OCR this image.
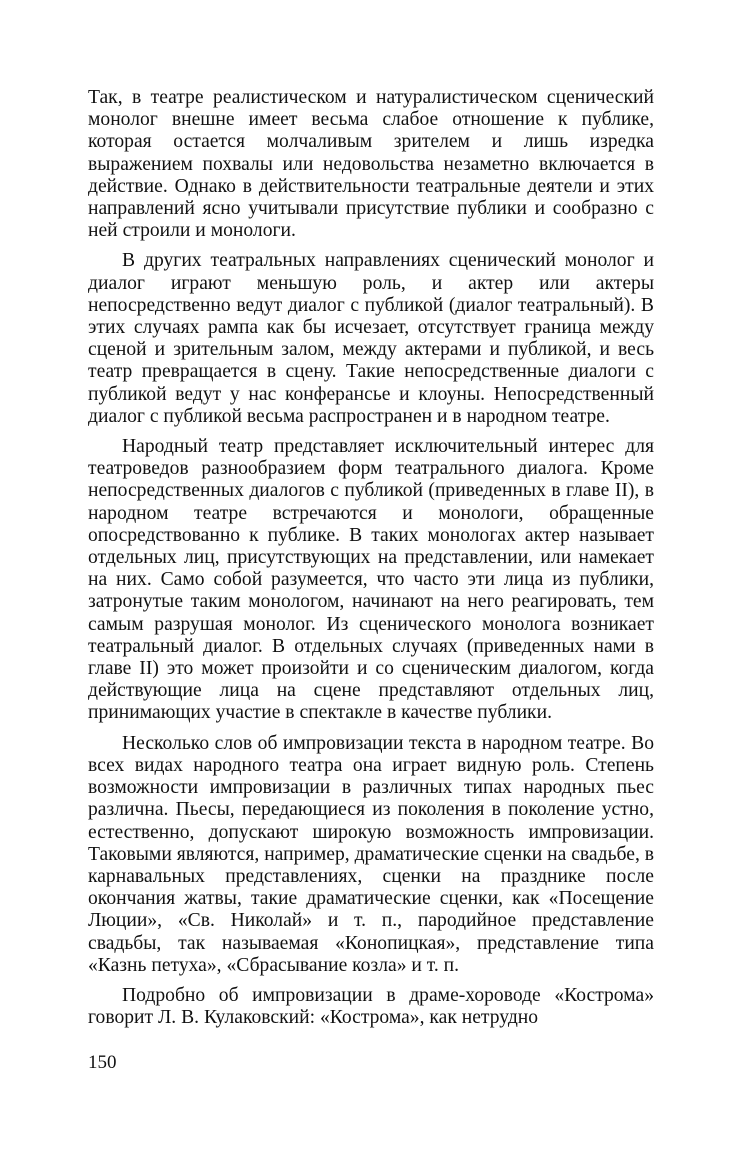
Так, в театре реалистическом и натуралистическом сценический монолог внешне имеет весьма слабое отношение к публике, которая остается молчаливым зрителем и лишь изредка выражением похвалы или недовольства незаметно включается в действие. Однако в действительности театральные деятели и этих направлений ясно учитывали присутствие публики и сообразно с ней строили и монологи.

В других театральных направлениях сценический монолог и диалог играют меньшую роль, и актер или актеры непосредственно ведут диалог с публикой (диалог театральный). В этих случаях рампа как бы исчезает, отсутствует граница между сценой и зрительным залом, между актерами и публикой, и весь театр превращается в сцену. Такие непосредственные диалоги с публикой ведут у нас конферансье и клоуны. Непосредственный диалог с публикой весьма распространен и в народном театре.

Народный театр представляет исключительный интерес для театроведов разнообразием форм театрального диалога. Кроме непосредственных диалогов с публикой (приведенных в главе II), в народном театре встречаются и монологи, обращенные опосредствованно к публике. В таких монологах актер называет отдельных лиц, присутствующих на представлении, или намекает на них. Само собой разумеется, что часто эти лица из публики, затронутые таким монологом, начинают на него реагировать, тем самым разрушая монолог. Из сценического монолога возникает театральный диалог. В отдельных случаях (приведенных нами в главе II) это может произойти и со сценическим диалогом, когда действующие лица на сцене представляют отдельных лиц, принимающих участие в спектакле в качестве публики.

Несколько слов об импровизации текста в народном театре. Во всех видах народного театра она играет видную роль. Степень возможности импровизации в различных типах народных пьес различна. Пьесы, передающиеся из поколения в поколение устно, естественно, допускают широкую возможность импровизации. Таковыми являются, например, драматические сценки на свадьбе, в карнавальных представлениях, сценки на празднике после окончания жатвы, такие драматические сценки, как «Посещение Люции», «Св. Николай» и т. п., пародийное представление свадьбы, так называемая «Конопицкая», представление типа «Казнь петуха», «Сбрасывание козла» и т. п.

Подробно об импровизации в драме-хороводе «Кострома» говорит Л. В. Кулаковский: «Кострома», как нетрудно

150
